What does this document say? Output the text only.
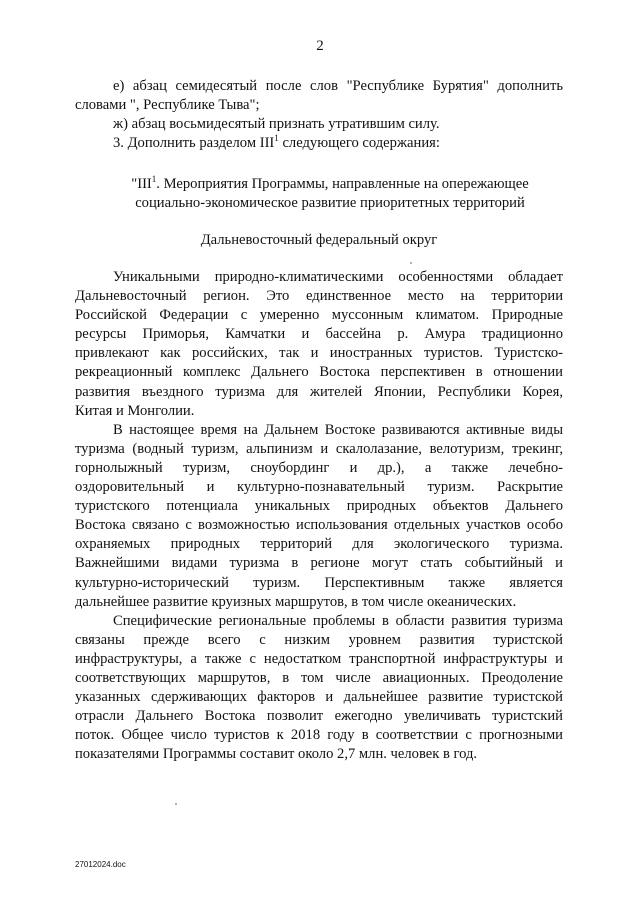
2

е) абзац семидесятый после слов "Республике Бурятия" дополнить

словами ", Республике Тыва";

ж) абзац восьмидесятый признать утратившим силу.

3. Дополнить разделом III$^1$ следующего содержания:

"III$^1$. Мероприятия Программы, направленные на опережающее

социально-экономическое развитие приоритетных территорий

Дальневосточный федеральный округ
Уникальными природно-климатическими особенностями обладает
Дальневосточный регион. Это единственное место на территории
Российской Федерации с умеренно муссонным климатом. Природные
ресурсы Приморья, Камчатки и бассейна р. Амура традиционно
привлекают как российских, так и иностранных туристов. Туристско-
рекреационный комплекс Дальнего Востока перспективен в отношении
развития въездного туризма для жителей Японии, Республики Корея,
Китая и Монголии.
В настоящее время на Дальнем Востоке развиваются активные виды
туризма (водный туризм, альпинизм и скалолазание, велотуризм, трекинг,
горнолыжный туризм, сноубординг и др.), а также лечебно-
оздоровительный и культурно-познавательный туризм. Раскрытие
туристского потенциала уникальных природных объектов Дальнего
Востока связано с возможностью использования отдельных участков особо
охраняемых природных территорий для экологического туризма.
Важнейшими видами туризма в регионе могут стать событийный и
культурно-исторический туризм. Перспективным также является
дальнейшее развитие круизных маршрутов, в том числе океанических.
Специфические региональные проблемы в области развития туризма
связаны прежде всего с низким уровнем развития туристской
инфраструктуры, а также с недостатком транспортной инфраструктуры и
соответствующих маршрутов, в том числе авиационных. Преодоление
указанных сдерживающих факторов и дальнейшее развитие туристской
отрасли Дальнего Востока позволит ежегодно увеличивать туристский
поток. Общее число туристов к 2018 году в соответствии с прогнозными
показателями Программы составит около 2,7 млн. человек в год.
27012024.doc
